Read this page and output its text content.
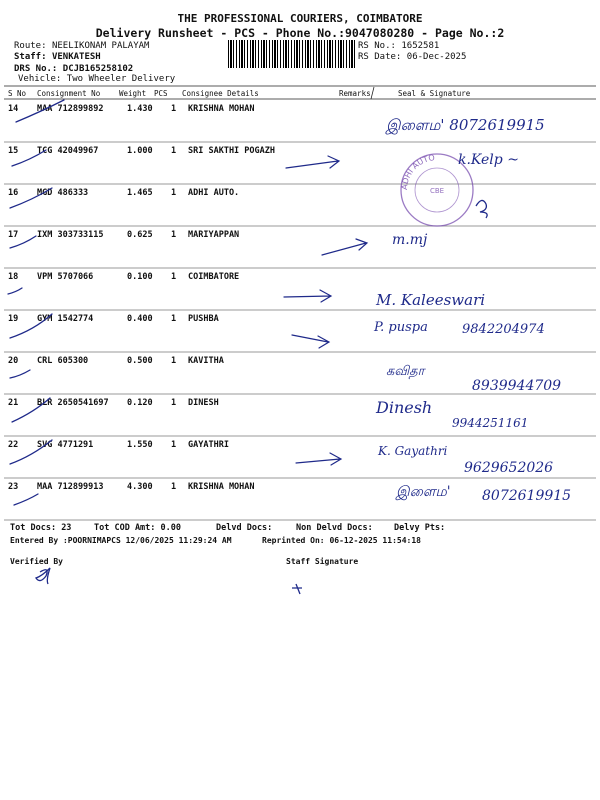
THE PROFESSIONAL COURIERS, COIMBATORE
Delivery Runsheet - PCS - Phone No.:9047080280 - Page No.:2
Route: NEELIKONAM PALAYAM
Staff: VENKATESH
DRS No.: DCJB165258102
Vehicle: Two Wheeler Delivery
RS No.: 1652581
RS Date: 06-Dec-2025
S No Consignment No	Weight PCS Consignee Details	Remarks	Seal & Signature
14 MAA 712899892	1.430 1 KRISHNA MOHAN
15 TCG 42049967	1.000 1 SRI SAKTHI POGAZH
16 MGD 486333	1.465 1 ADHI AUTO.
17 IXM 303733115	0.625 1 MARIYAPPAN
18 VPM 5707066	0.100 1 COIMBATORE
19 GYM 1542774	0.400 1 PUSHBA
20 CRL 605300	0.500 1 KAVITHA
21 BLR 2650541697 0.120 1 DINESH
22 SVG 4771291	1.550 1 GAYATHRI
23 MAA 712899913	4.300 1 KRISHNA MOHAN
ADHI AUTO
CBE
இளைம' 8072619915
k.Kelp ~
m.mj
M. Kaleeswari
P. puspa	9842204974
கவிதா
8939944709
Dinesh
9944251161
K. Gayathri
9629652026
இளைம' 8072619915
Tot Docs: 23	Tot COD Amt: 0.00	Delvd Docs:	Non Delvd Docs: Delvy Pts:
Entered By :POORNIMAPCS 12/06/2025 11:29:24 AM	Reprinted On: 06-12-2025 11:54:18
Verified By	Staff Signature
